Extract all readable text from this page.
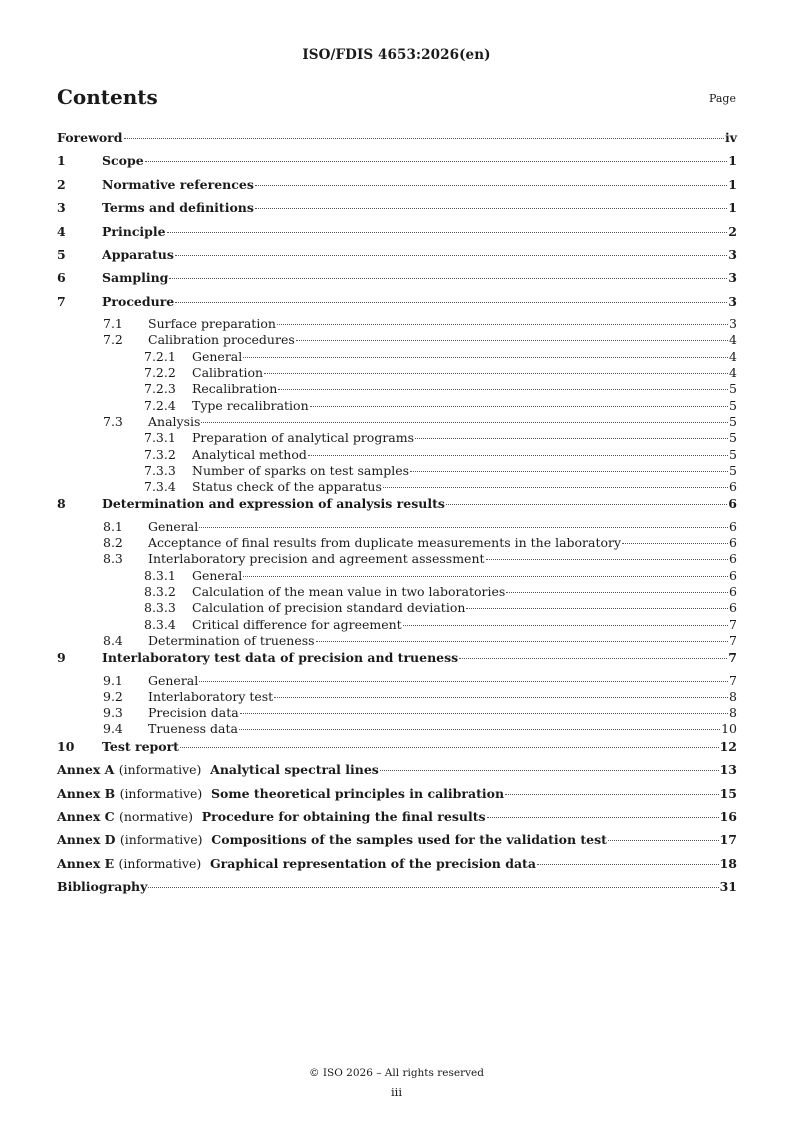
ISO/FDIS 4653:2026(en)
Contents	Page
Foreword	iv
1	Scope	1
2	Normative references	1
3	Terms and definitions	1
4	Principle	2
5	Apparatus	3
6	Sampling	3
7	Procedure	3
7.1	Surface preparation	3
7.2	Calibration procedures	4
7.2.1	General	4
7.2.2	Calibration	4
7.2.3	Recalibration	5
7.2.4	Type recalibration	5
7.3	Analysis	5
7.3.1	Preparation of analytical programs	5
7.3.2	Analytical method	5
7.3.3	Number of sparks on test samples	5
7.3.4	Status check of the apparatus	6
8	Determination and expression of analysis results	6
8.1	General	6
8.2	Acceptance of final results from duplicate measurements in the laboratory	6
8.3	Interlaboratory precision and agreement assessment	6
8.3.1	General	6
8.3.2	Calculation of the mean value in two laboratories	6
8.3.3	Calculation of precision standard deviation	6
8.3.4	Critical difference for agreement	7
8.4	Determination of trueness	7
9	Interlaboratory test data of precision and trueness	7
9.1	General	7
9.2	Interlaboratory test	8
9.3	Precision data	8
9.4	Trueness data	10
10	Test report	12
Annex A (informative) Analytical spectral lines	13
Annex B (informative) Some theoretical principles in calibration	15
Annex C (normative) Procedure for obtaining the final results	16
Annex D (informative) Compositions of the samples used for the validation test	17
Annex E (informative) Graphical representation of the precision data	18
Bibliography	31
© ISO 2026 – All rights reserved
iii
